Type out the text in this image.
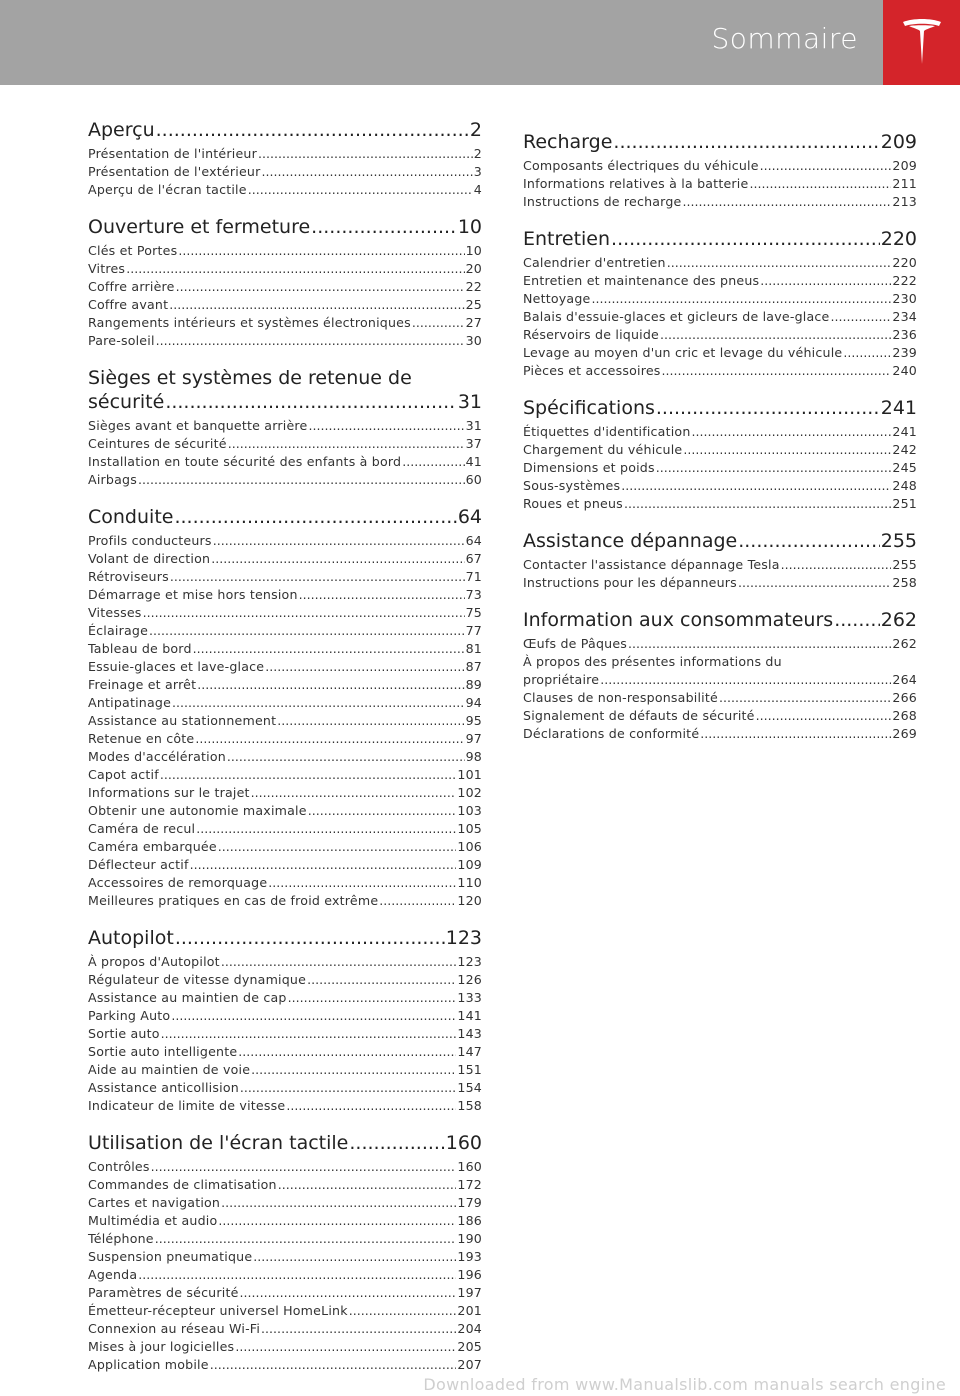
Sommaire
Aperçu .....	2
Présentation de l'intérieur .....	2
Présentation de l'extérieur .....	3
Aperçu de l'écran tactile .....	4
Ouverture et fermeture .....	10
Clés et Portes .....	10
Vitres .....	20
Coffre arrière .....	22
Coffre avant .....	25
Rangements intérieurs et systèmes électroniques .....	27
Pare-soleil .....	30
Sièges et systèmes de retenue de
sécurité .....	31
Sièges avant et banquette arrière .....	31
Ceintures de sécurité .....	37
Installation en toute sécurité des enfants à bord .....	41
Airbags .....	60
Conduite .....	64
Profils conducteurs .....	64
Volant de direction .....	67
Rétroviseurs .....	71
Démarrage et mise hors tension .....	73
Vitesses .....	75
Éclairage .....	77
Tableau de bord .....	81
Essuie-glaces et lave-glace .....	87
Freinage et arrêt .....	89
Antipatinage .....	94
Assistance au stationnement .....	95
Retenue en côte .....	97
Modes d'accélération .....	98
Capot actif .....	101
Informations sur le trajet .....	102
Obtenir une autonomie maximale .....	103
Caméra de recul .....	105
Caméra embarquée .....	106
Déflecteur actif .....	109
Accessoires de remorquage .....	110
Meilleures pratiques en cas de froid extrême .....	120
Autopilot .....	123
À propos d'Autopilot .....	123
Régulateur de vitesse dynamique .....	126
Assistance au maintien de cap .....	133
Parking Auto .....	141
Sortie auto .....	143
Sortie auto intelligente .....	147
Aide au maintien de voie .....	151
Assistance anticollision .....	154
Indicateur de limite de vitesse .....	158
Utilisation de l'écran tactile .....	160
Contrôles .....	160
Commandes de climatisation .....	172
Cartes et navigation .....	179
Multimédia et audio .....	186
Téléphone .....	190
Suspension pneumatique .....	193
Agenda .....	196
Paramètres de sécurité .....	197
Émetteur-récepteur universel HomeLink .....	201
Connexion au réseau Wi-Fi .....	204
Mises à jour logicielles .....	205
Application mobile .....	207
Recharge .....	209
Composants électriques du véhicule .....	209
Informations relatives à la batterie .....	211
Instructions de recharge .....	213
Entretien .....	220
Calendrier d'entretien .....	220
Entretien et maintenance des pneus .....	222
Nettoyage .....	230
Balais d'essuie-glaces et gicleurs de lave-glace .....	234
Réservoirs de liquide .....	236
Levage au moyen d'un cric et levage du véhicule .....	239
Pièces et accessoires .....	240
Spécifications .....	241
Étiquettes d'identification .....	241
Chargement du véhicule .....	242
Dimensions et poids .....	245
Sous-systèmes .....	248
Roues et pneus .....	251
Assistance dépannage .....	255
Contacter l'assistance dépannage Tesla .....	255
Instructions pour les dépanneurs .....	258
Information aux consommateurs .....	262
Œufs de Pâques .....	262
À propos des présentes informations du
propriétaire .....	264
Clauses de non-responsabilité .....	266
Signalement de défauts de sécurité .....	268
Déclarations de conformité .....	269
Downloaded from www.Manualslib.com manuals search engine
